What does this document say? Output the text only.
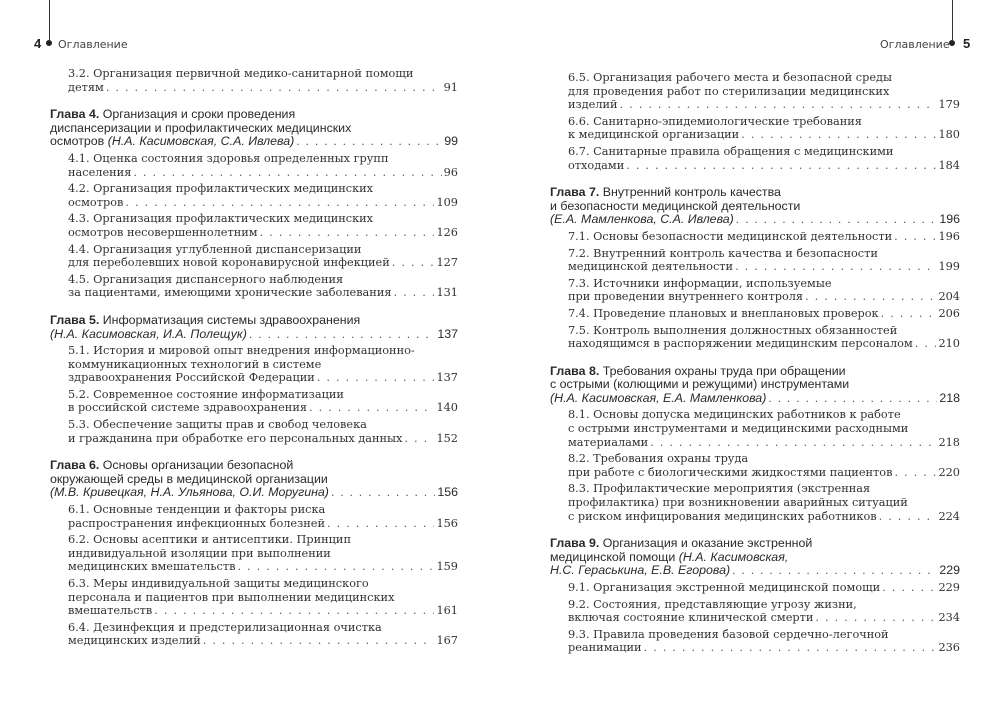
4 Оглавление
3.2. Организация первичной медико-санитарной помощи
детям . . .	91
Глава 4. Организация и сроки проведения
диспансеризации и профилактических медицинских
осмотров (Н.А. Касимовская, С.А. Ивлева) . . .	99
4.1. Оценка состояния здоровья определенных групп
населения . . .	96
4.2. Организация профилактических медицинских
осмотров . . .	109
4.3. Организация профилактических медицинских
осмотров несовершеннолетним . . .	126
4.4. Организация углубленной диспансеризации
для переболевших новой коронавирусной инфекцией . . .	127
4.5. Организация диспансерного наблюдения
за пациентами, имеющими хронические заболевания . . .	131
Глава 5. Информатизация системы здравоохранения
(Н.А. Касимовская, И.А. Полещук) . . .	137
5.1. История и мировой опыт внедрения информационно-
коммуникационных технологий в системе
здравоохранения Российской Федерации . . .	137
5.2. Современное состояние информатизации
в российской системе здравоохранения . . .	140
5.3. Обеспечение защиты прав и свобод человека
и гражданина при обработке его персональных данных . . .	152
Глава 6. Основы организации безопасной
окружающей среды в медицинской организации
(М.В. Кривецкая, Н.А. Ульянова, О.И. Моругина) . . .	156
6.1. Основные тенденции и факторы риска
распространения инфекционных болезней . . .	156
6.2. Основы асептики и антисептики. Принцип
индивидуальной изоляции при выполнении
медицинских вмешательств . . .	159
6.3. Меры индивидуальной защиты медицинского
персонала и пациентов при выполнении медицинских
вмешательств . . .	161
6.4. Дезинфекция и предстерилизационная очистка
медицинских изделий . . .	167
5
Оглавление
6.5. Организация рабочего места и безопасной среды
для проведения работ по стерилизации медицинских
изделий . . .	179
6.6. Санитарно-эпидемиологические требования
к медицинской организации . . .	180
6.7. Санитарные правила обращения с медицинскими
отходами . . .	184
Глава 7. Внутренний контроль качества
и безопасности медицинской деятельности
(Е.А. Мамленкова, С.А. Ивлева) . . .	196
7.1. Основы безопасности медицинской деятельности . . .	196
7.2. Внутренний контроль качества и безопасности
медицинской деятельности . . .	199
7.3. Источники информации, используемые
при проведении внутреннего контроля . . .	204
7.4. Проведение плановых и внеплановых проверок . . .	206
7.5. Контроль выполнения должностных обязанностей
находящимся в распоряжении медицинским персоналом . . . 210
Глава 8. Требования охраны труда при обращении
с острыми (колющими и режущими) инструментами
(Н.А. Касимовская, Е.А. Мамленкова) . . .	218
8.1. Основы допуска медицинских работников к работе
с острыми инструментами и медицинскими расходными
материалами . . .	218
8.2. Требования охраны труда
при работе с биологическими жидкостями пациентов . . .	220
8.3. Профилактические мероприятия (экстренная
профилактика) при возникновении аварийных ситуаций
с риском инфицирования медицинских работников . . .	224
Глава 9. Организация и оказание экстренной
медицинской помощи (Н.А. Касимовская,
Н.С. Гераськина, Е.В. Егорова) . . .	229
9.1. Организация экстренной медицинской помощи . . .	229
9.2. Состояния, представляющие угрозу жизни,
включая состояние клинической смерти . . .	234
9.3. Правила проведения базовой сердечно-легочной
реанимации . . .	236
